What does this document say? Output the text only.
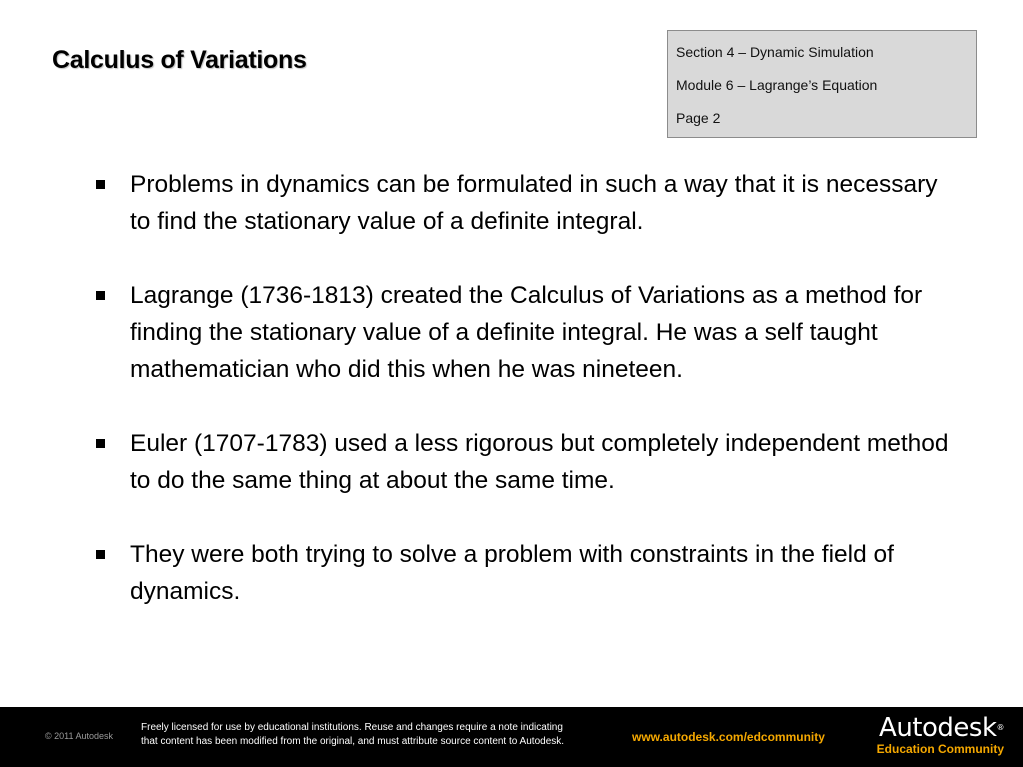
Calculus of Variations	Section 4 – Dynamic Simulation
Module 6 – Lagrange’s Equation
Page 2
Problems in dynamics can be formulated in such a way that it is necessary to find the stationary value of a definite integral.
Lagrange (1736-1813) created the Calculus of Variations as a method for finding the stationary value of a definite integral. He was a self taught mathematician who did this when he was nineteen.
Euler (1707-1783) used a less rigorous but completely independent method to do the same thing at about the same time.
They were both trying to solve a problem with constraints in the field of dynamics.
© 2011 Autodesk
Freely licensed for use by educational institutions. Reuse and changes require a note indicating
that content has been modified from the original, and must attribute source content to Autodesk.	www.autodesk.com/edcommunity	Autodesk®
Education Community
